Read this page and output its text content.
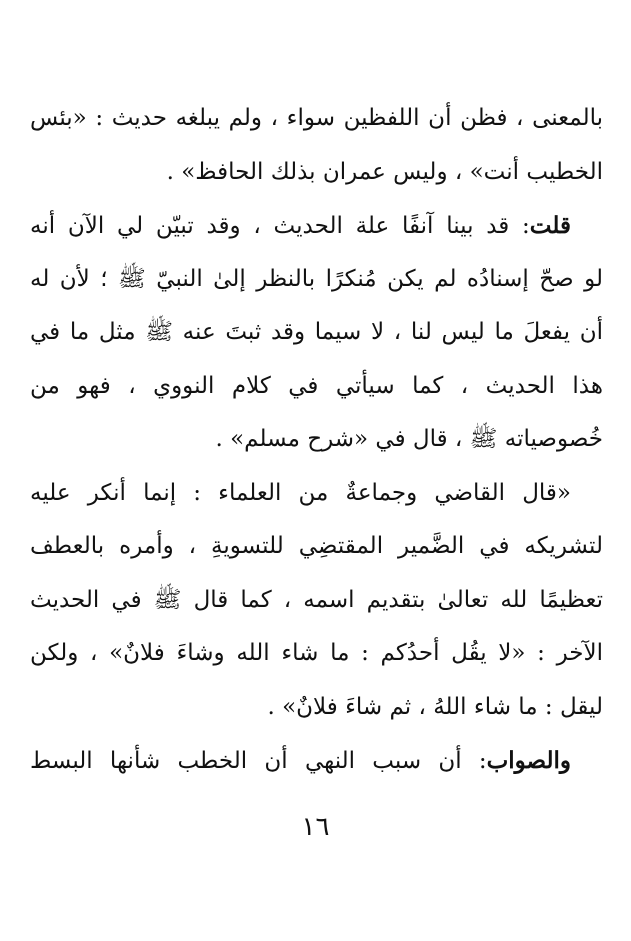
بالمعنى ، فظن أن اللفظين سواء ، ولم يبلغه حديث : «بئس
الخطيب أنت» ، وليس عمران بذلك الحافظ» .
قلت: قد بينا آنفًا علة الحديث ، وقد تبيّن لي الآن أنه
لو صحّ إسنادُه لم يكن مُنكرًا بالنظر إلىٰ النبيّ ﷺ ؛ لأن له
أن يفعلَ ما ليس لنا ، لا سيما وقد ثبتَ عنه ﷺ مثل ما في
هذا الحديث ، كما سيأتي في كلام النووي ، فهو من
خُصوصياته ﷺ ، قال في «شرح مسلم» .
«قال القاضي وجماعةٌ من العلماء : إنما أنكر عليه
لتشريكه في الضَّمير المقتضِي للتسويةِ ، وأمره بالعطف
تعظيمًا لله تعالىٰ بتقديم اسمه ، كما قال ﷺ في الحديث
الآخر : «لا يقُل أحدُكم : ما شاء الله وشاءَ فلانٌ» ، ولكن
ليقل : ما شاء اللهُ ، ثم شاءَ فلانٌ» .
والصواب: أن سبب النهي أن الخطب شأنها البسط
١٦
